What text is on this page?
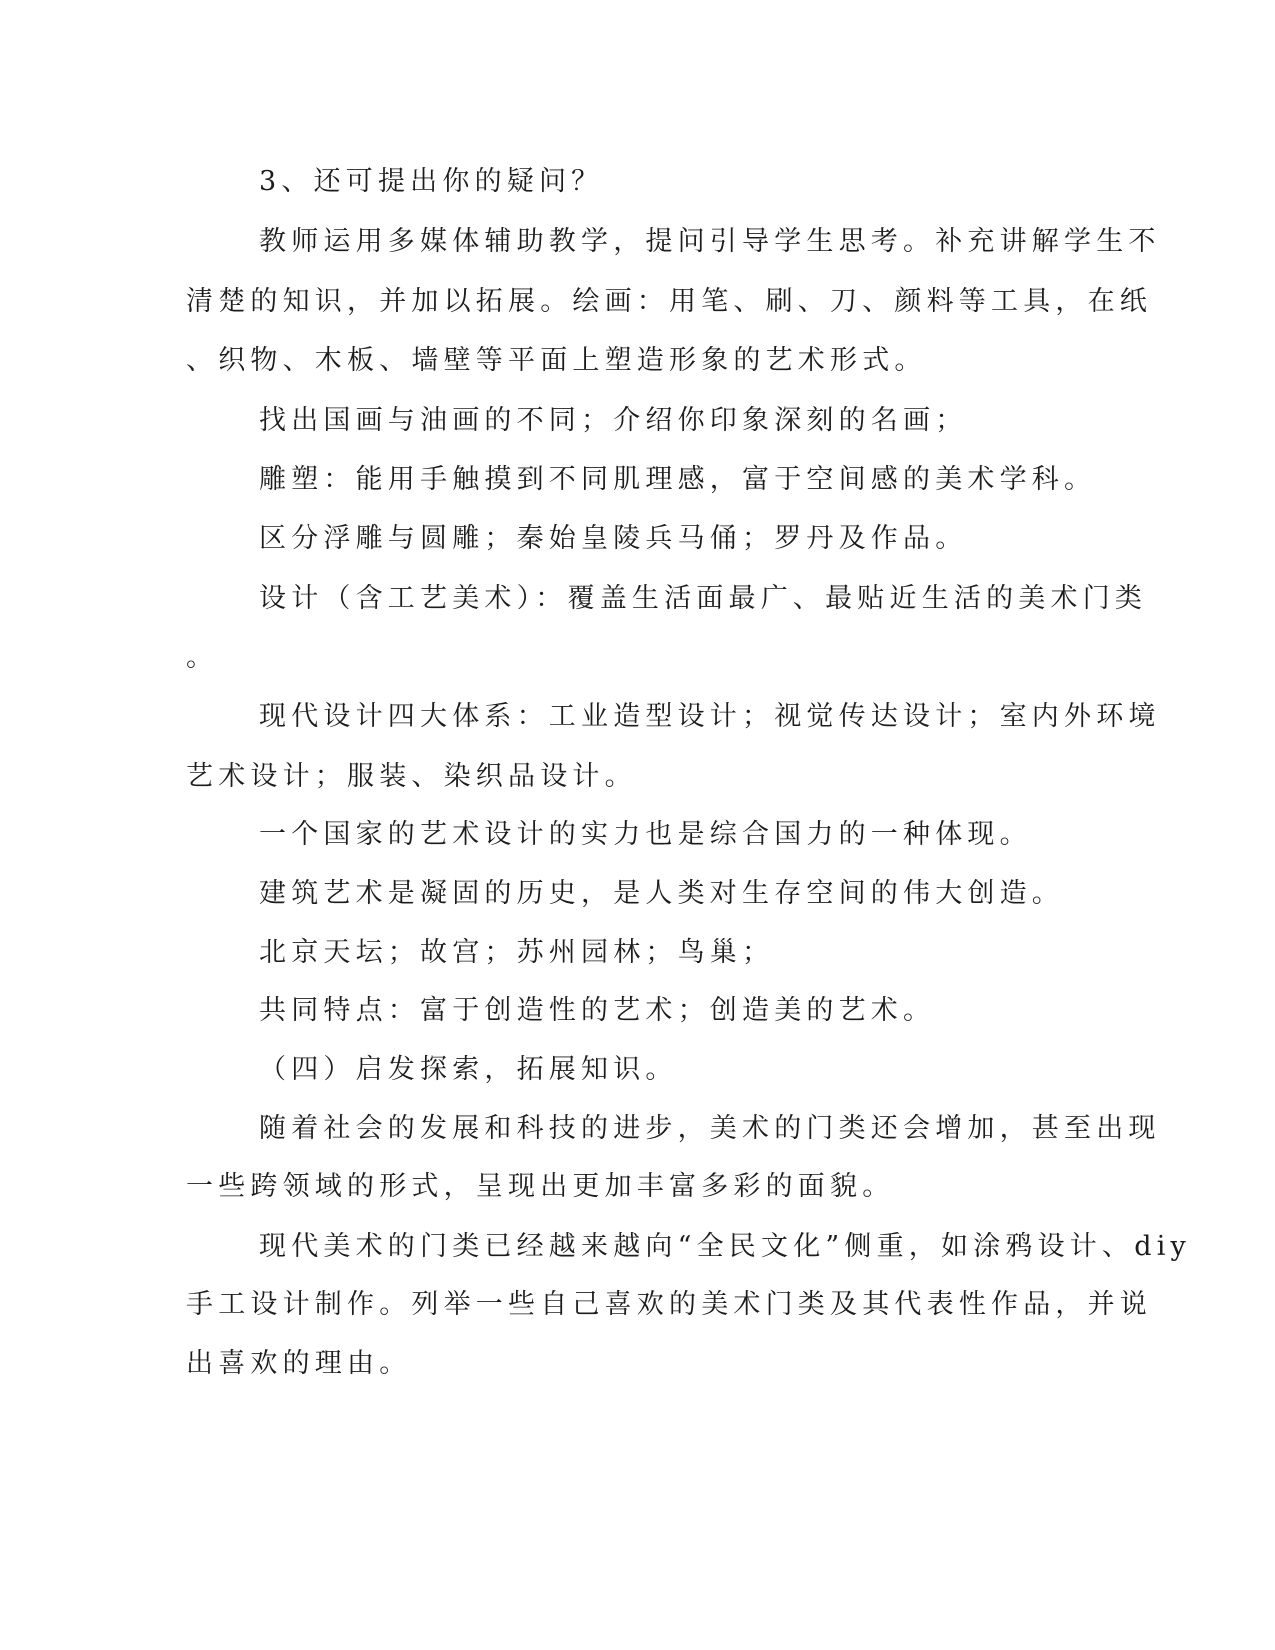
3、还可提出你的疑问？

教师运用多媒体辅助教学，提问引导学生思考。补充讲解学生不

清楚的知识，并加以拓展。绘画：用笔、刷、刀、颜料等工具，在纸

、织物、木板、墙壁等平面上塑造形象的艺术形式。

找出国画与油画的不同；介绍你印象深刻的名画；

雕塑：能用手触摸到不同肌理感，富于空间感的美术学科。

区分浮雕与圆雕；秦始皇陵兵马俑；罗丹及作品。

设计（含工艺美术）：覆盖生活面最广、最贴近生活的美术门类

。

现代设计四大体系：工业造型设计；视觉传达设计；室内外环境

艺术设计；服装、染织品设计。

一个国家的艺术设计的实力也是综合国力的一种体现。

建筑艺术是凝固的历史，是人类对生存空间的伟大创造。

北京天坛；故宫；苏州园林；鸟巢；

共同特点：富于创造性的艺术；创造美的艺术。

（四）启发探索，拓展知识。

随着社会的发展和科技的进步，美术的门类还会增加，甚至出现

一些跨领域的形式，呈现出更加丰富多彩的面貌。

现代美术的门类已经越来越向“全民文化”侧重，如涂鸦设计、diy

手工设计制作。列举一些自己喜欢的美术门类及其代表性作品，并说

出喜欢的理由。
